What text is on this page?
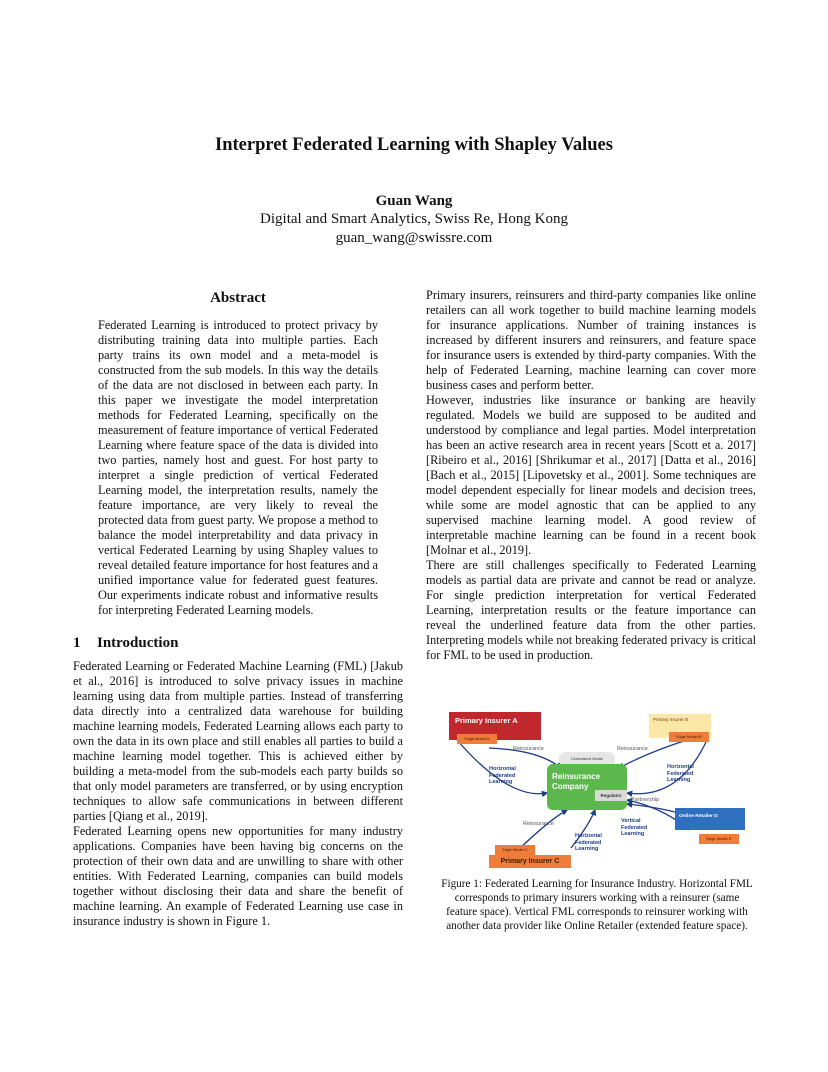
Interpret Federated Learning with Shapley Values
Guan Wang
Digital and Smart Analytics, Swiss Re, Hong Kong
guan_wang@swissre.com
Abstract

Federated Learning is introduced to protect privacy by distributing training data into multiple parties. Each party trains its own model and a meta-model is constructed from the sub models. In this way the details of the data are not disclosed in between each party. In this paper we investigate the model interpretation methods for Federated Learning, specifically on the measurement of feature importance of vertical Federated Learning where feature space of the data is divided into two parties, namely host and guest. For host party to interpret a single prediction of vertical Federated Learning model, the interpretation results, namely the feature importance, are very likely to reveal the protected data from guest party. We propose a method to balance the model interpretability and data privacy in vertical Federated Learning by using Shapley values to reveal detailed feature importance for host features and a unified importance value for federated guest features. Our experiments indicate robust and informative results for interpreting Federated Learning models.

1 Introduction

Federated Learning or Federated Machine Learning (FML) [Jakub et al., 2016] is introduced to solve privacy issues in machine learning using data from multiple parties. Instead of transferring data directly into a centralized data warehouse for building machine learning models, Federated Learning allows each party to own the data in its own place and still enables all parties to build a machine learning model together. This is achieved either by building a meta-model from the sub-models each party builds so that only model parameters are transferred, or by using encryption techniques to allow safe communications in between different parties [Qiang et al., 2019].

Federated Learning opens new opportunities for many industry applications. Companies have been having big concerns on the protection of their own data and are unwilling to share with other entities. With Federated Learning, companies can build models together without disclosing their data and share the benefit of machine learning. An example of Federated Learning use case in insurance industry is shown in Figure 1.

Primary insurers, reinsurers and third-party companies like online retailers can all work together to build machine learning models for insurance applications. Number of training instances is increased by different insurers and reinsurers, and feature space for insurance users is extended by third-party companies. With the help of Federated Learning, machine learning can cover more business cases and perform better.

However, industries like insurance or banking are heavily regulated. Models we build are supposed to be audited and understood by compliance and legal parties. Model interpretation has been an active research area in recent years [Scott et a. 2017] [Ribeiro et al., 2016] [Shrikumar et al., 2017] [Datta et al., 2016] [Bach et al., 2015] [Lipovetsky et al., 2001]. Some techniques are model dependent especially for linear models and decision trees, while some are model agnostic that can be applied to any supervised machine learning model. A good review of interpretable machine learning can be found in a recent book [Molnar et al., 2019].

There are still challenges specifically to Federated Learning models as partial data are private and cannot be read or analyze. For single prediction interpretation for vertical Federated Learning, interpretation results or the feature importance can reveal the underlined feature data from the other parties. Interpreting models while not breaking federated privacy is critical for FML to be used in production.

Primary Insurer A
Edge Model A
Primary Insurer B
Edge Model B
Centralized Model
Reinsurance Company
Regulator
Online Retailer D
Edge Model D
Edge Model C
Primary Insurer C
Reinsurance	Reinsurance
Reinsurance
Partnership
Horizontal Federated Learning
Horizontal Federated Learning
Horizontal Federated Learning
Vertical Federated Learning
Figure 1: Federated Learning for Insurance Industry. Horizontal FML corresponds to primary insurers working with a reinsurer (same feature space). Vertical FML corresponds to reinsurer working with another data provider like Online Retailer (extended feature space).
